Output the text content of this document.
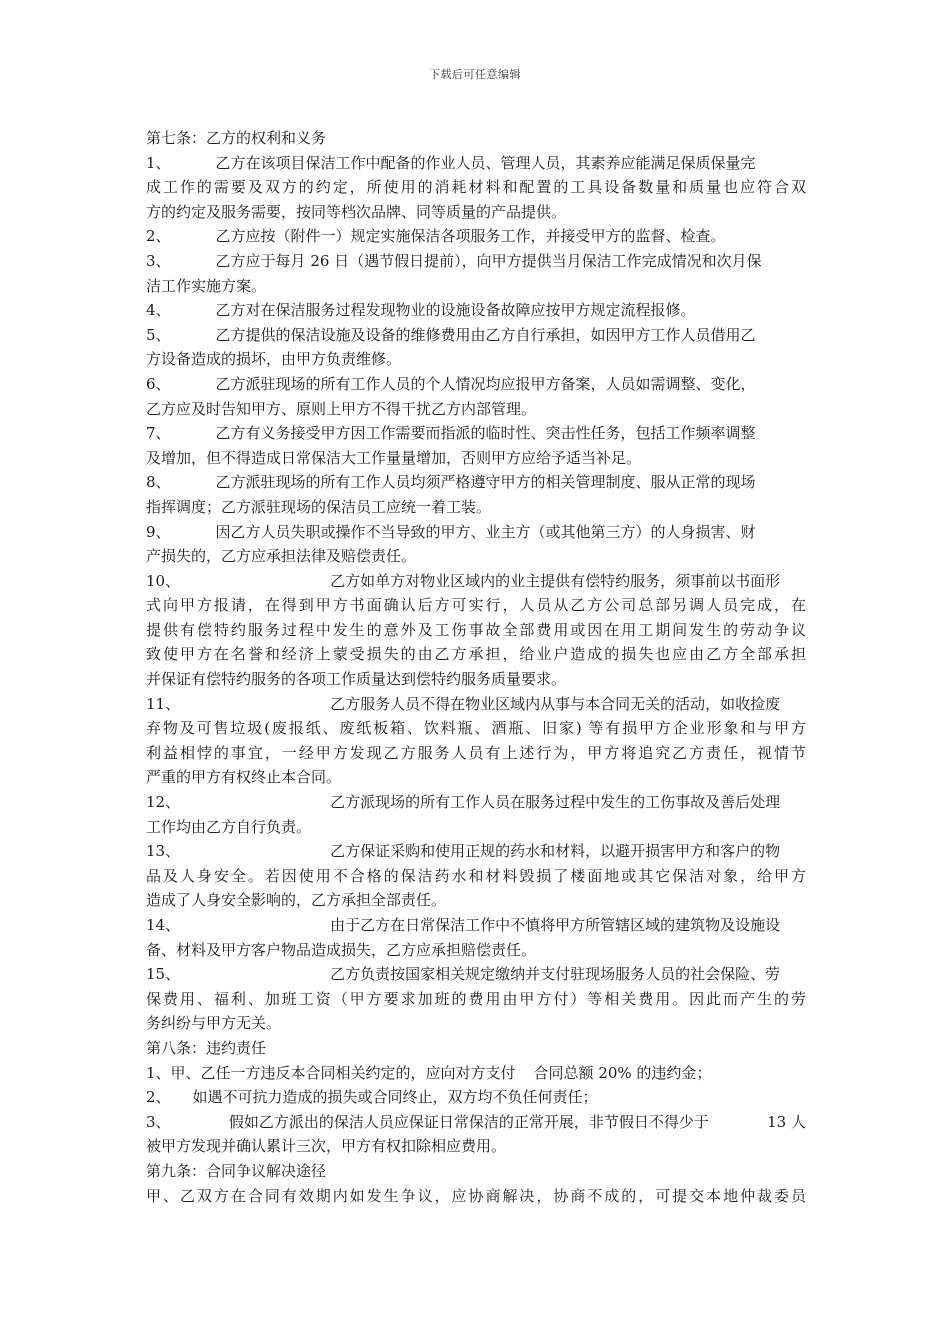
下载后可任意编辑
第七条：乙方的权利和义务
1、	乙方在该项目保洁工作中配备的作业人员、管理人员，其素养应能满足保质保量完
成工作的需要及双方的约定，所使用的消耗材料和配置的工具设备数量和质量也应符合双
方的约定及服务需要，按同等档次品牌、同等质量的产品提供。
2、	乙方应按（附件一）规定实施保洁各项服务工作，并接受甲方的监督、检查。
3、	乙方应于每月 26 日（遇节假日提前），向甲方提供当月保洁工作完成情况和次月保
洁工作实施方案。
4、	乙方对在保洁服务过程发现物业的设施设备故障应按甲方规定流程报修。
5、	乙方提供的保洁设施及设备的维修费用由乙方自行承担，如因甲方工作人员借用乙
方设备造成的损坏，由甲方负责维修。
6、	乙方派驻现场的所有工作人员的个人情况均应报甲方备案，人员如需调整、变化，
乙方应及时告知甲方、原则上甲方不得干扰乙方内部管理。
7、	乙方有义务接受甲方因工作需要而指派的临时性、突击性任务，包括工作频率调整
及增加，但不得造成日常保洁大工作量量增加，否则甲方应给予适当补足。
8、	乙方派驻现场的所有工作人员均须严格遵守甲方的相关管理制度、服从正常的现场
指挥调度；乙方派驻现场的保洁员工应统一着工装。
9、	因乙方人员失职或操作不当导致的甲方、业主方（或其他第三方）的人身损害、财
产损失的，乙方应承担法律及赔偿责任。
10、	乙方如单方对物业区域内的业主提供有偿特约服务，须事前以书面形
式向甲方报请，在得到甲方书面确认后方可实行，人员从乙方公司总部另调人员完成，在
提供有偿特约服务过程中发生的意外及工伤事故全部费用或因在用工期间发生的劳动争议
致使甲方在名誉和经济上蒙受损失的由乙方承担，给业户造成的损失也应由乙方全部承担
并保证有偿特约服务的各项工作质量达到偿特约服务质量要求。
11、	乙方服务人员不得在物业区域内从事与本合同无关的活动，如收捡废
弃物及可售垃圾(废报纸、废纸板箱、饮料瓶、酒瓶、旧家) 等有损甲方企业形象和与甲方
利益相悖的事宜，一经甲方发现乙方服务人员有上述行为，甲方将追究乙方责任，视情节
严重的甲方有权终止本合同。
12、	乙方派现场的所有工作人员在服务过程中发生的工伤事故及善后处理
工作均由乙方自行负责。
13、	乙方保证采购和使用正规的药水和材料，以避开损害甲方和客户的物
品及人身安全。若因使用不合格的保洁药水和材料毁损了楼面地或其它保洁对象，给甲方
造成了人身安全影响的，乙方承担全部责任。
14、	由于乙方在日常保洁工作中不慎将甲方所管辖区域的建筑物及设施设
备、材料及甲方客户物品造成损失，乙方应承担赔偿责任。
15、	乙方负责按国家相关规定缴纳并支付驻现场服务人员的社会保险、劳
保费用、福利、加班工资（甲方要求加班的费用由甲方付）等相关费用。因此而产生的劳
务纠纷与甲方无关。
第八条：违约责任
1、甲、乙任一方违反本合同相关约定的，应向对方支付 合同总额 20% 的违约金；
2、 如遇不可抗力造成的损失或合同终止，双方均不负任何责任；
3、	假如乙方派出的保洁人员应保证日常保洁的正常开展，非节假日不得少于	13 人
被甲方发现并确认累计三次，甲方有权扣除相应费用。
第九条：合同争议解决途径
甲、乙双方在合同有效期内如发生争议，应协商解决，协商不成的，可提交本地仲裁委员
